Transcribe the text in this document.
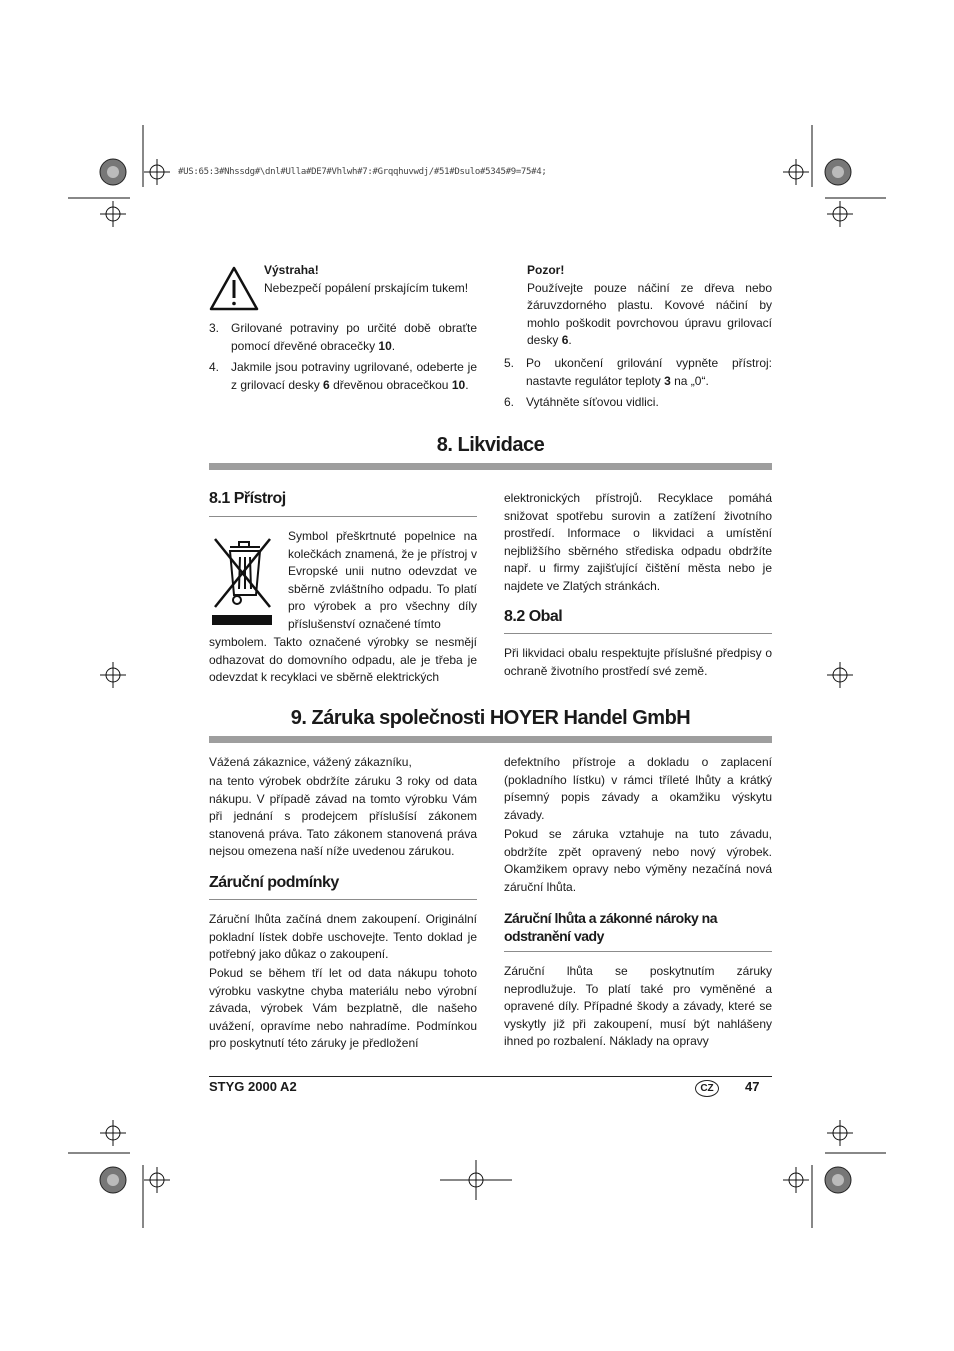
#US:65:3#Nhssdg#\dnl#Ulla#DE7#Vhlwh#7:#Grqqhuvwdj/#51#Dsulo#5345#9=75#4;
Výstraha!
Nebezpečí popálení prskajícím tukem!
3. Grilované potraviny po určité době obraťte pomocí dřevěné obracečky 10.
4. Jakmile jsou potraviny ugrilované, odeberte je z grilovací desky 6 dřevěnou obracečkou 10.
Pozor!
Používejte pouze náčiní ze dřeva nebo žáruvzdorného plastu. Kovové náčiní by mohlo poškodit povrchovou úpravu grilovací desky 6.
5. Po ukončení grilování vypněte přístroj: nastavte regulátor teploty 3 na „0“.
6. Vytáhněte síťovou vidlici.
8. Likvidace
8.1 Přístroj
Symbol přeškrtnuté popelnice na kolečkách znamená, že je přístroj v Evropské unii nutno odevzdat ve sběrně zvláštního odpadu. To platí pro výrobek a pro všechny díly příslušenství označené tímto
symbolem. Takto označené výrobky se nesmějí odhazovat do domovního odpadu, ale je třeba je odevzdat k recyklaci ve sběrně elektrických
elektronických přístrojů. Recyklace pomáhá snižovat spotřebu surovin a zatížení životního prostředí. Informace o likvidaci a umístění nejbližšího sběrného střediska odpadu obdržíte např. u firmy zajišťující čištění města nebo je najdete ve Zlatých stránkách.
8.2 Obal
Při likvidaci obalu respektujte příslušné předpisy o ochraně životního prostředí své země.
9. Záruka společnosti HOYER Handel GmbH
Vážená zákaznice, vážený zákazníku,
na tento výrobek obdržíte záruku 3 roky od data nákupu. V případě závad na tomto výrobku Vám při jednání s prodejcem příslušísí zákonem stanovená práva. Tato zákonem stanovená práva nejsou omezena naší níže uvedenou zárukou.
Záruční podmínky
Záruční lhůta začíná dnem zakoupení. Originální pokladní lístek dobře uschovejte. Tento doklad je potřebný jako důkaz o zakoupení.
Pokud se během tří let od data nákupu tohoto výrobku vaskytne chyba materiálu nebo výrobní závada, výrobek Vám bezplatně, dle našeho uvážení, opravíme nebo nahradíme. Podmínkou pro poskytnutí této záruky je předložení
defektního přístroje a dokladu o zaplacení (pokladního lístku) v rámci tříleté lhůty a krátký písemný popis závady a okamžiku výskytu závady.
Pokud se záruka vztahuje na tuto závadu, obdržíte zpět opravený nebo nový výrobek. Okamžikem opravy nebo výměny nezačíná nová záruční lhůta.
Záruční lhůta a zákonné nároky na
odstranění vady
Záruční lhůta se poskytnutím záruky neprodlužuje. To platí také pro vyměněné a opravené díly. Případné škody a závady, které se vyskytly již při zakoupení, musí být nahlášeny ihned po rozbalení. Náklady na opravy
STYG 2000 A2	CZ	47
